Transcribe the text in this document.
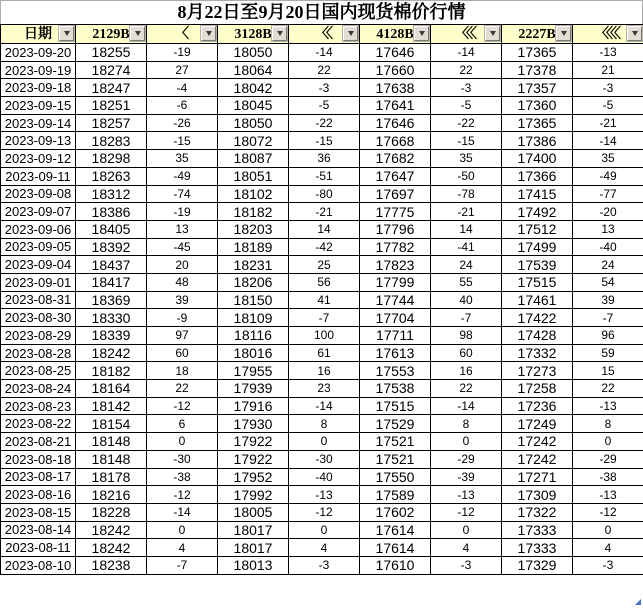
8月22日至9月20日国内现货棉价行情
日期	2129B	〈	3128B	〈〈	4128B	〈〈〈	2227B	〈〈〈〈

2023-09-20	18255	-19	18050	-14	17646	-14	17365	-13
2023-09-19	18274	27	18064	22	17660	22	17378	21
2023-09-18	18247	-4	18042	-3	17638	-3	17357	-3
2023-09-15	18251	-6	18045	-5	17641	-5	17360	-5
2023-09-14	18257	-26	18050	-22	17646	-22	17365	-21
2023-09-13	18283	-15	18072	-15	17668	-15	17386	-14
2023-09-12	18298	35	18087	36	17682	35	17400	35
2023-09-11	18263	-49	18051	-51	17647	-50	17366	-49
2023-09-08	18312	-74	18102	-80	17697	-78	17415	-77
2023-09-07	18386	-19	18182	-21	17775	-21	17492	-20
2023-09-06	18405	13	18203	14	17796	14	17512	13
2023-09-05	18392	-45	18189	-42	17782	-41	17499	-40
2023-09-04	18437	20	18231	25	17823	24	17539	24
2023-09-01	18417	48	18206	56	17799	55	17515	54
2023-08-31	18369	39	18150	41	17744	40	17461	39
2023-08-30	18330	-9	18109	-7	17704	-7	17422	-7
2023-08-29	18339	97	18116	100	17711	98	17428	96
2023-08-28	18242	60	18016	61	17613	60	17332	59
2023-08-25	18182	18	17955	16	17553	16	17273	15
2023-08-24	18164	22	17939	23	17538	22	17258	22
2023-08-23	18142	-12	17916	-14	17515	-14	17236	-13
2023-08-22	18154	6	17930	8	17529	8	17249	8
2023-08-21	18148	0	17922	0	17521	0	17242	0
2023-08-18	18148	-30	17922	-30	17521	-29	17242	-29
2023-08-17	18178	-38	17952	-40	17550	-39	17271	-38
2023-08-16	18216	-12	17992	-13	17589	-13	17309	-13
2023-08-15	18228	-14	18005	-12	17602	-12	17322	-12
2023-08-14	18242	0	18017	0	17614	0	17333	0
2023-08-11	18242	4	18017	4	17614	4	17333	4
2023-08-10	18238	-7	18013	-3	17610	-3	17329	-3
